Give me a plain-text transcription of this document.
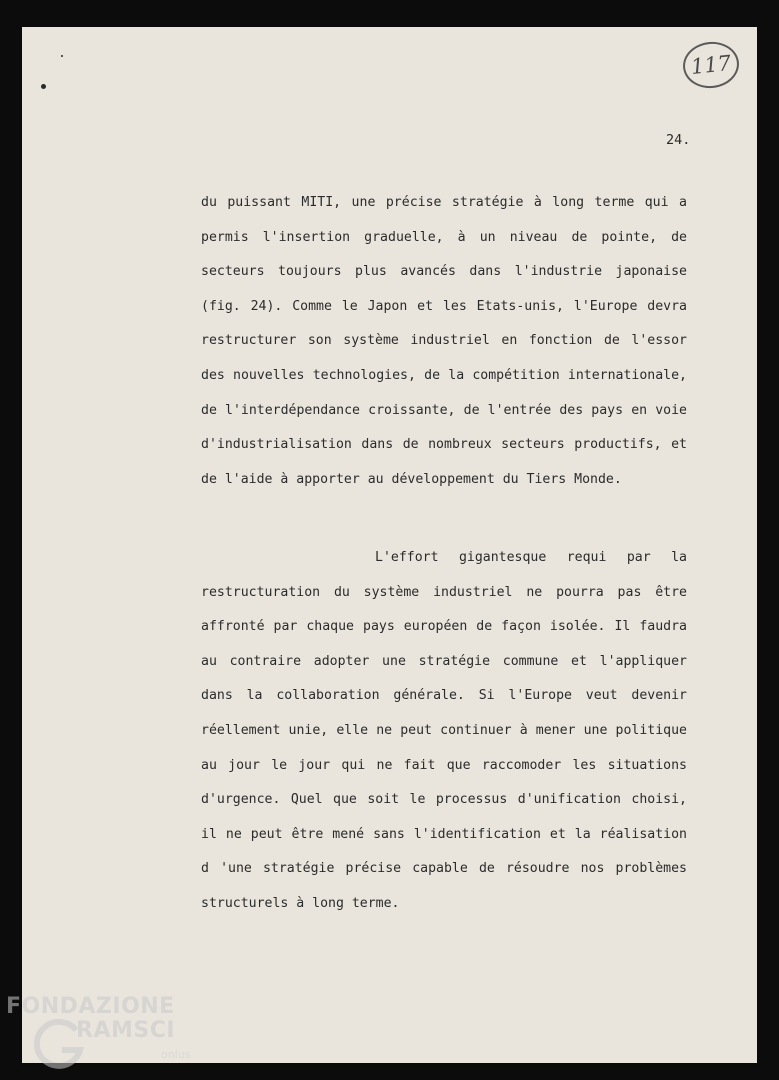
117
24.

du puissant MITI, une précise stratégie à long terme qui a permis l'insertion graduelle, à un niveau de pointe, de secteurs toujours plus avancés dans l'industrie japonaise (fig. 24). Comme le Japon et les Etats-unis, l'Europe devra restructurer son système industriel en fonction de l'essor des nouvelles technologies, de la compétition internationale, de l'interdépendance croissante, de l'entrée des pays en voie d'industrialisation dans de nombreux secteurs productifs, et de l'aide à apporter au développement du Tiers Monde.

L'effort gigantesque requi par la restructuration du système industriel ne pourra pas être affronté par chaque pays européen de façon isolée. Il faudra au contraire adopter une stratégie commune et l'appliquer dans la collaboration générale. Si l'Europe veut devenir réellement unie, elle ne peut continuer à mener une politique au jour le jour qui ne fait que raccomoder les situations d'urgence. Quel que soit le processus d'unification choisi, il ne peut être mené sans l'identification et la réalisation d 'une stratégie précise capable de résoudre nos problèmes structurels à long terme.

FONDAZIONE
RAMSCI
onlus
